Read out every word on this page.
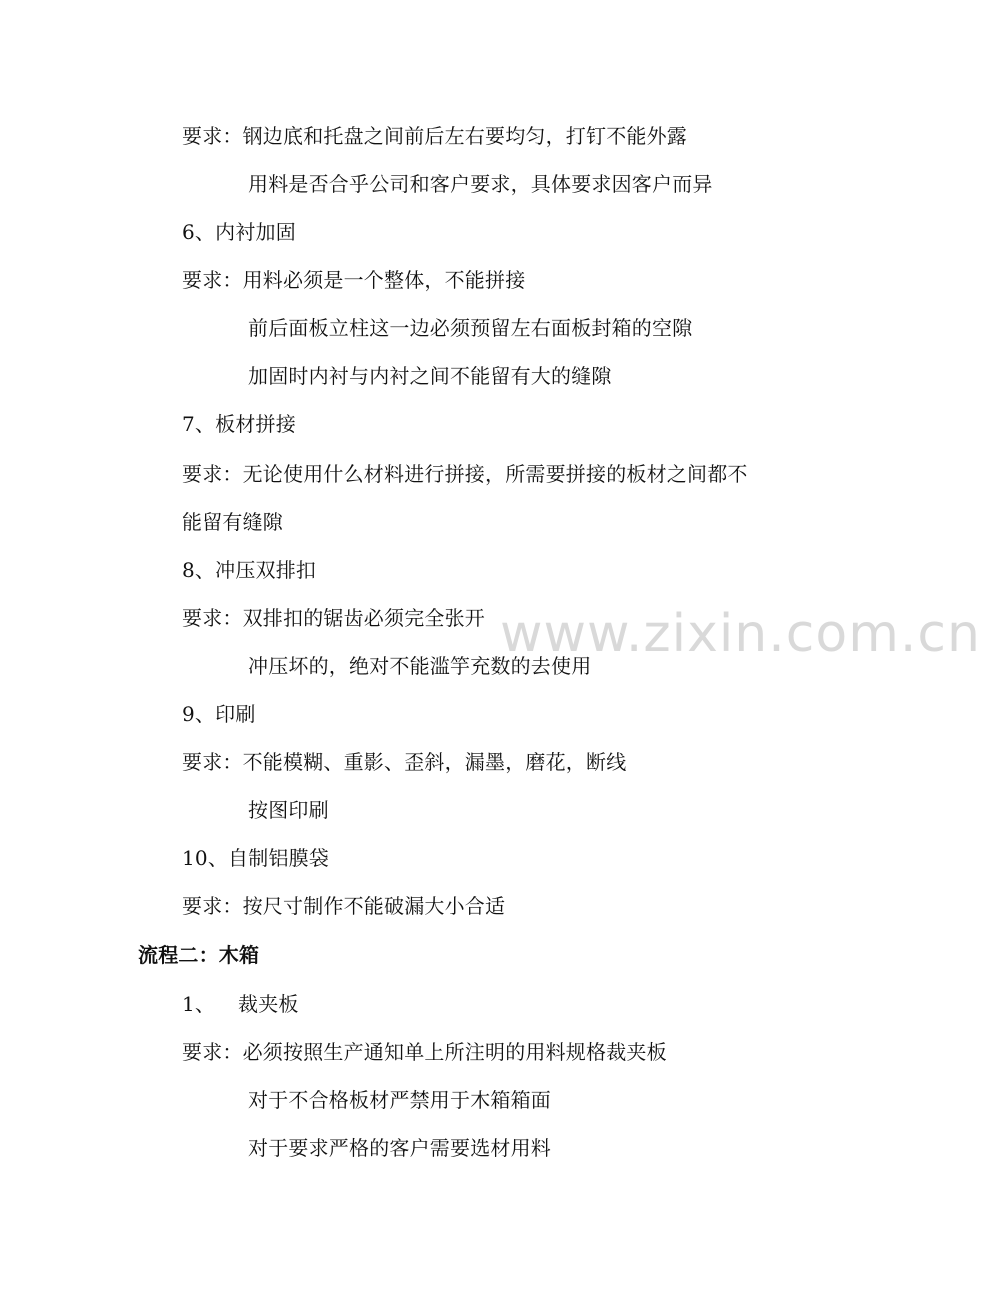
www.zixin.com.cn
要求：钢边底和托盘之间前后左右要均匀，打钉不能外露
用料是否合乎公司和客户要求，具体要求因客户而异
6、内衬加固
要求：用料必须是一个整体，不能拼接
前后面板立柱这一边必须预留左右面板封箱的空隙
加固时内衬与内衬之间不能留有大的缝隙
7、板材拼接
要求：无论使用什么材料进行拼接，所需要拼接的板材之间都不
能留有缝隙
8、冲压双排扣
要求：双排扣的锯齿必须完全张开
冲压坏的，绝对不能滥竽充数的去使用
9、印刷
要求：不能模糊、重影、歪斜，漏墨，磨花，断线
按图印刷
10、自制铝膜袋
要求：按尺寸制作不能破漏大小合适
流程二：木箱
1、 裁夹板
要求：必须按照生产通知单上所注明的用料规格裁夹板
对于不合格板材严禁用于木箱箱面
对于要求严格的客户需要选材用料
